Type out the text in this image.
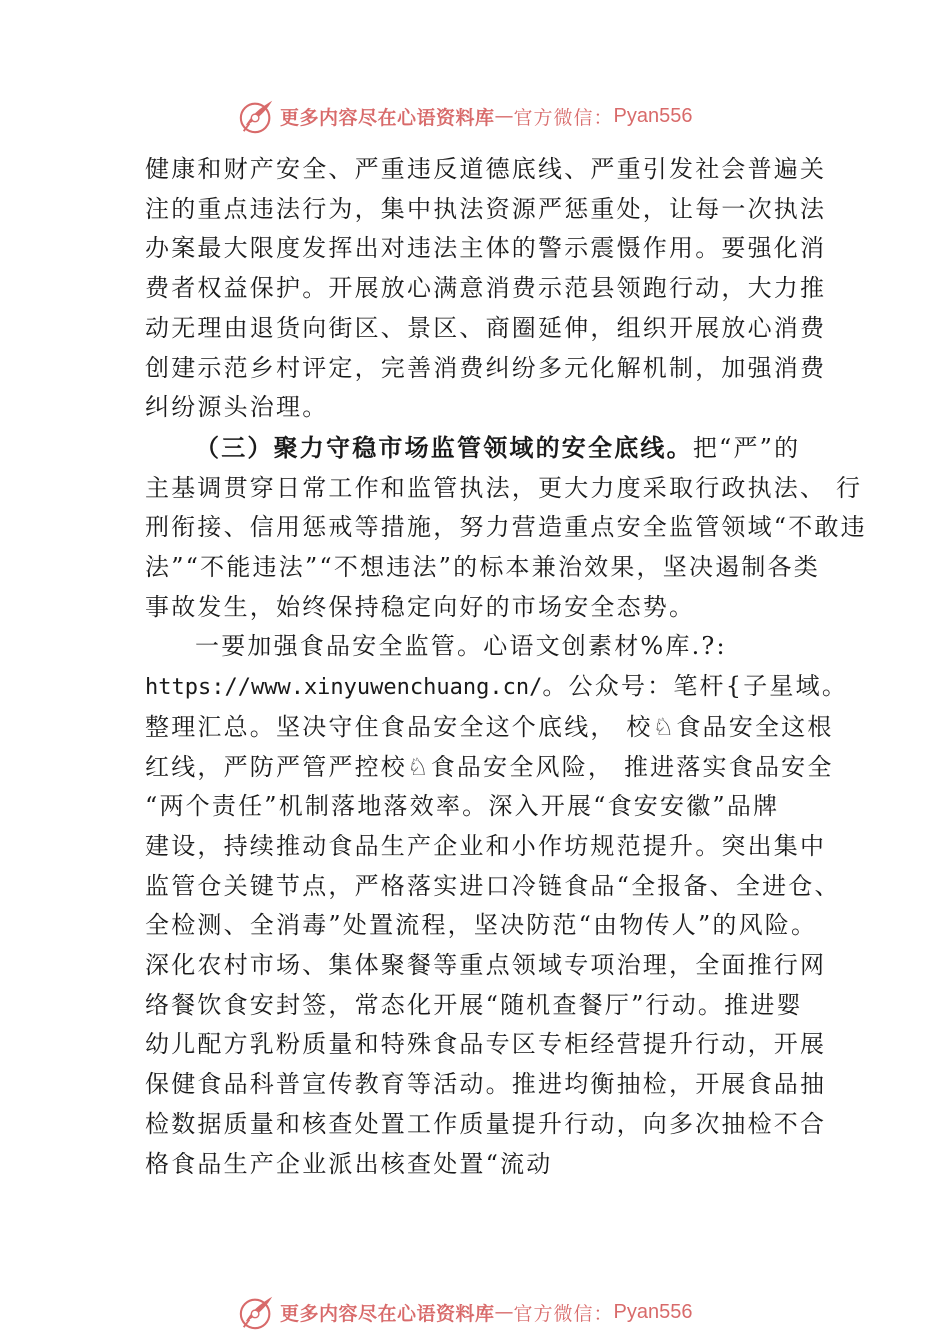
更多内容尽在心语资料库 — 官方微信： Pyan556

健康和财产安全、严重违反道德底线、严重引发社会普遍关
注的重点违法行为，集中执法资源严惩重处，让每一次执法
办案最大限度发挥出对违法主体的警示震慑作用。要强化消
费者权益保护。开展放心满意消费示范县领跑行动，大力推
动无理由退货向街区、景区、商圈延伸，组织开展放心消费
创建示范乡村评定，完善消费纠纷多元化解机制，加强消费
纠纷源头治理。

（三）聚力守稳市场监管领域的安全底线。把“严”的
主基调贯穿日常工作和监管执法，更大力度采取行政执法、 行
刑衔接、信用惩戒等措施，努力营造重点安全监管领域“不敢违
法”“不能违法”“不想违法”的标本兼治效果，坚决遏制各类
事故发生，始终保持稳定向好的市场安全态势。

一要加强食品安全监管。心语文创素材%库.?:
https://www.xinyuwenchuang.cn/。公众号：笔杆{子星域。
整理汇总。坚决守住食品安全这个底线， 校♘食品安全这根
红线，严防严管严控校♘食品安全风险， 推进落实食品安全
“两个责任”机制落地落效率。深入开展“食安安徽”品牌
建设，持续推动食品生产企业和小作坊规范提升。突出集中
监管仓关键节点，严格落实进口冷链食品“全报备、全进仓、
全检测、全消毒”处置流程，坚决防范“由物传人”的风险。
深化农村市场、集体聚餐等重点领域专项治理，全面推行网
络餐饮食安封签，常态化开展“随机查餐厅”行动。推进婴
幼儿配方乳粉质量和特殊食品专区专柜经营提升行动，开展
保健食品科普宣传教育等活动。推进均衡抽检，开展食品抽
检数据质量和核查处置工作质量提升行动，向多次抽检不合
格食品生产企业派出核查处置“流动

更多内容尽在心语资料库 — 官方微信： Pyan556
